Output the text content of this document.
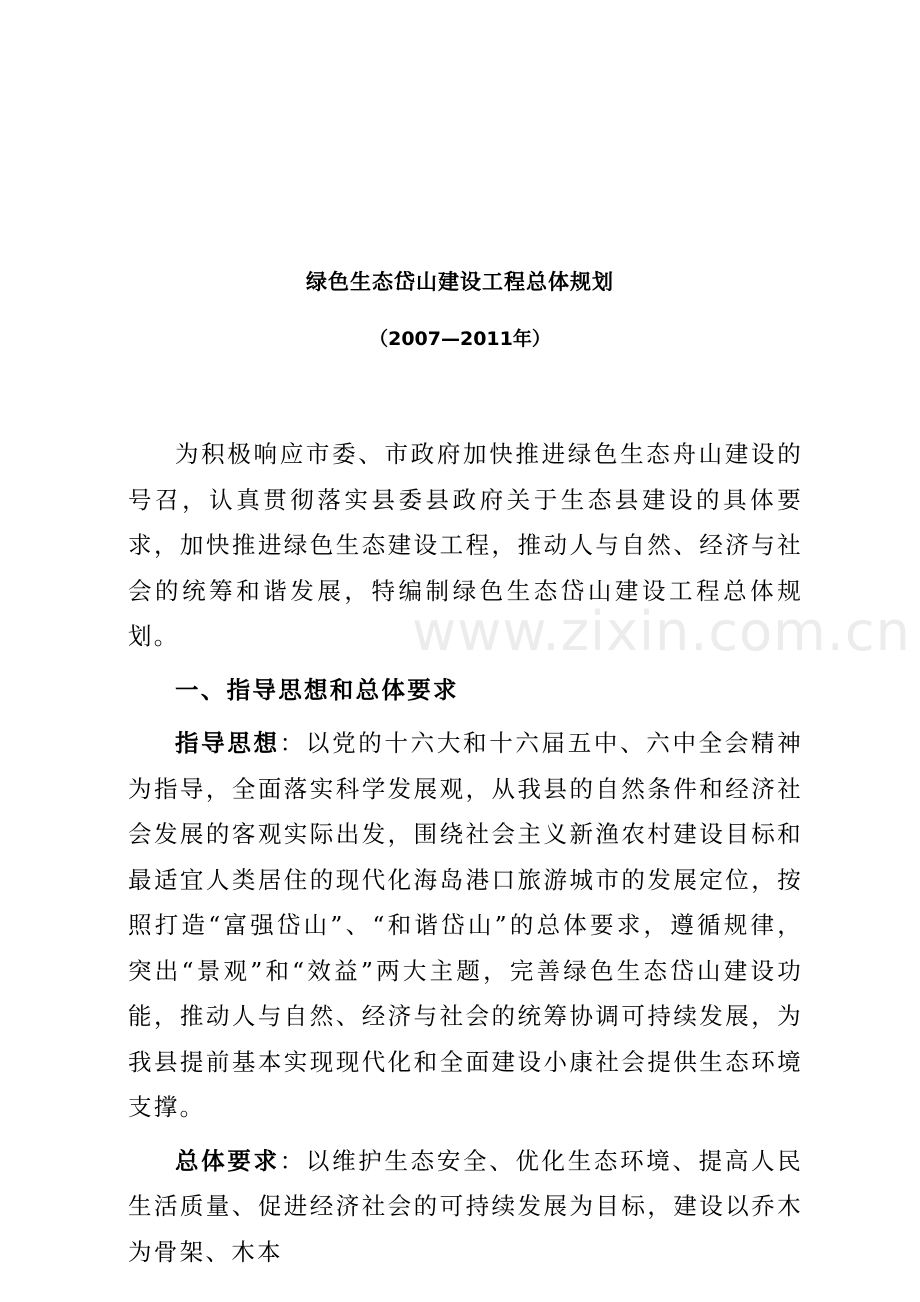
绿色生态岱山建设工程总体规划
（2007—2011年）

为积极响应市委、市政府加快推进绿色生态舟山建设的号召，认真贯彻落实县委县政府关于生态县建设的具体要求，加快推进绿色生态建设工程，推动人与自然、经济与社会的统筹和谐发展，特编制绿色生态岱山建设工程总体规划。

一、指导思想和总体要求

指导思想：以党的十六大和十六届五中、六中全会精神为指导，全面落实科学发展观，从我县的自然条件和经济社会发展的客观实际出发，围绕社会主义新渔农村建设目标和最适宜人类居住的现代化海岛港口旅游城市的发展定位，按照打造“富强岱山”、“和谐岱山”的总体要求，遵循规律，突出“景观”和“效益”两大主题，完善绿色生态岱山建设功能，推动人与自然、经济与社会的统筹协调可持续发展，为我县提前基本实现现代化和全面建设小康社会提供生态环境支撑。

总体要求：以维护生态安全、优化生态环境、提高人民生活质量、促进经济社会的可持续发展为目标，建设以乔木为骨架、木本

www.zixin.com.cn
